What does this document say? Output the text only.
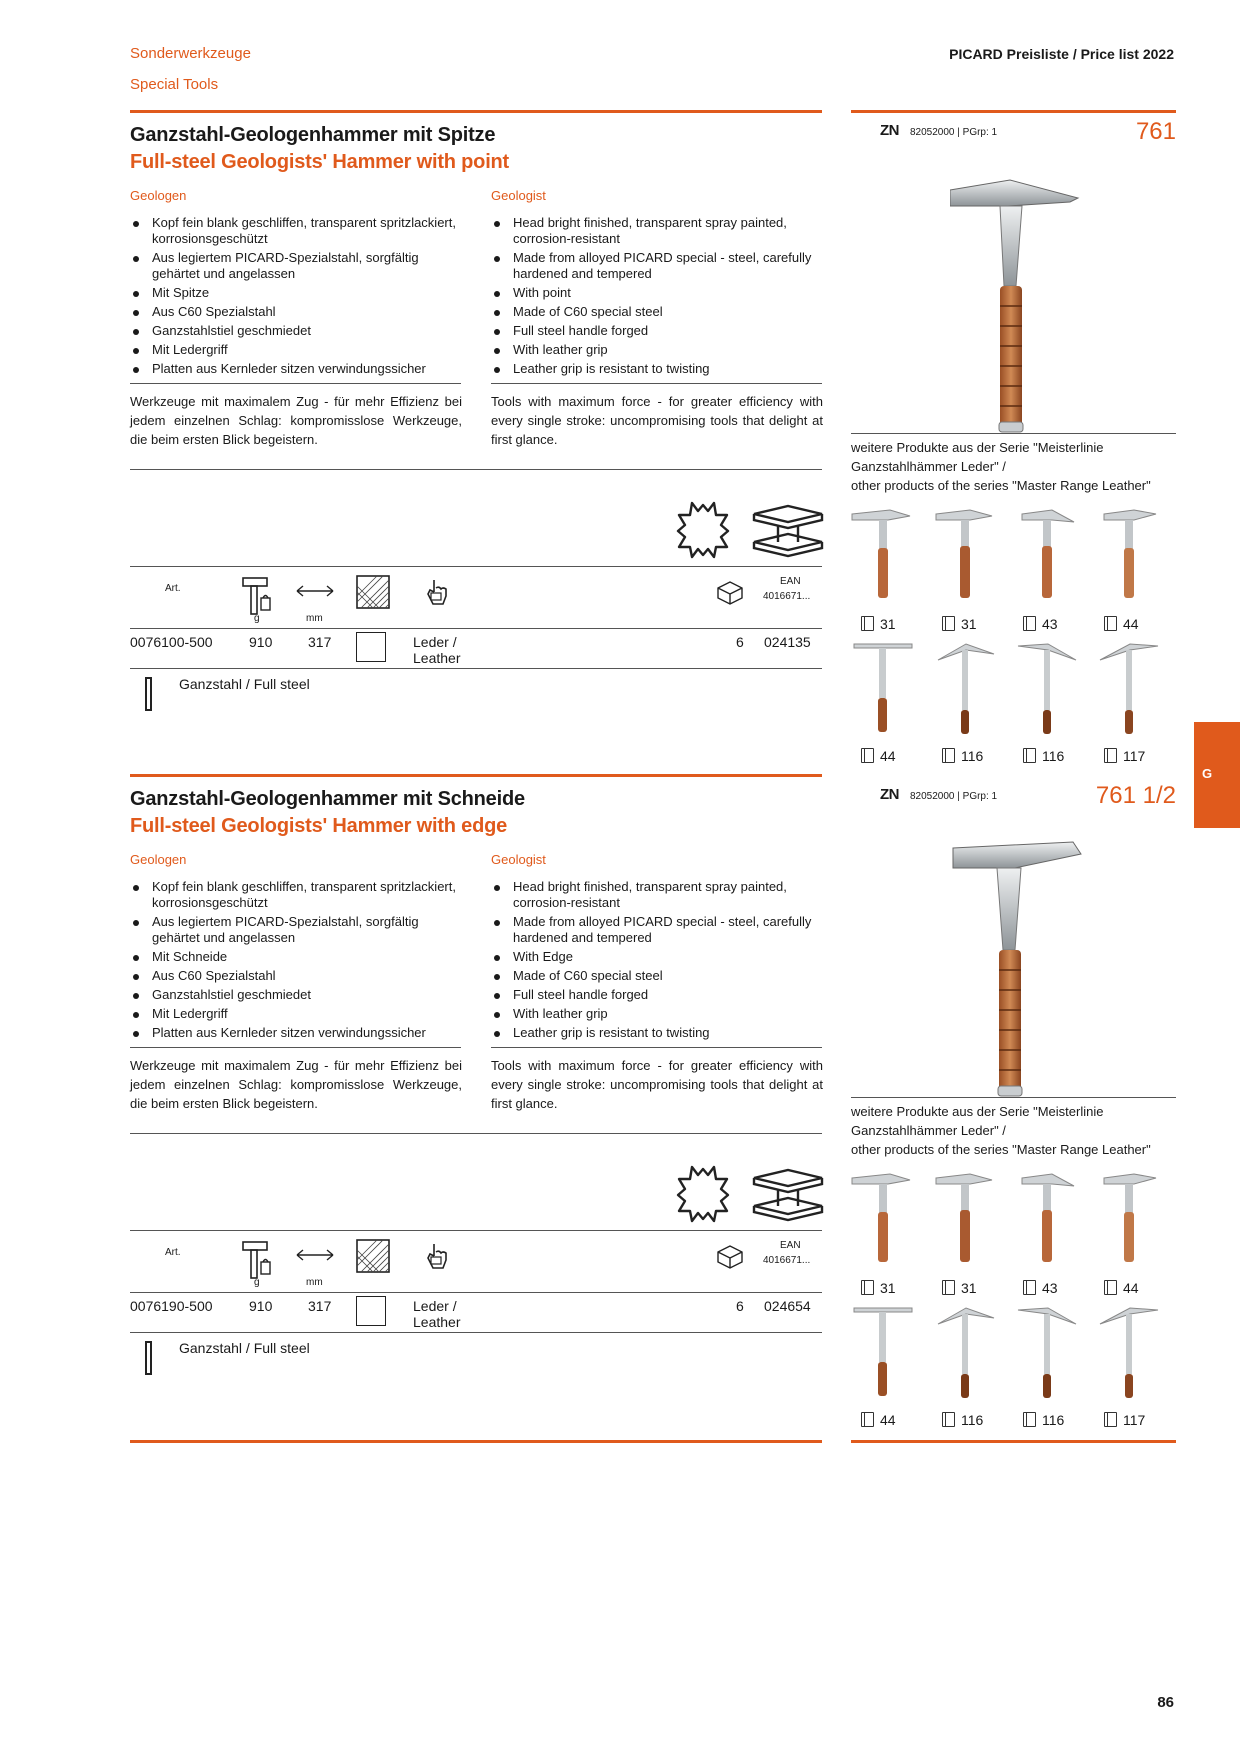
Sonderwerkzeuge
Special Tools
PICARD Preisliste / Price list 2022
G
86
Ganzstahl-Geologenhammer mit Spitze
Full-steel Geologists' Hammer with point
Geologen	Geologist
Kopf fein blank geschliffen, transparent spritzlackiert, korrosionsgeschützt
Aus legiertem PICARD-Spezialstahl, sorgfältig gehärtet und angelassen
Mit Spitze
Aus C60 Spezialstahl
Ganzstahlstiel geschmiedet
Mit Ledergriff
Platten aus Kernleder sitzen verwindungssicher
Head bright finished, transparent spray painted, corrosion-resistant
Made from alloyed PICARD special - steel, carefully hardened and tempered
With point
Made of C60 special steel
Full steel handle forged
With leather grip
Leather grip is resistant to twisting
Werkzeuge mit maximalem Zug - für mehr Effizienz bei jedem einzelnen Schlag: kompromisslose Werkzeuge, die beim ersten Blick begeistern.
Tools with maximum force - for greater efficiency with every single stroke: uncompromising tools that delight at first glance.
Art.
EAN
4016671...
g	mm
0076100-500	910	317	Leder /
Leather
6 024135
Ganzstahl / Full steel
ZN 82052000 | PGrp: 1	761
weitere Produkte aus der Serie "Meisterlinie
Ganzstahlhämmer Leder" /
other products of the series "Master Range Leather"
31	31	43	44
44	116	116	117
Ganzstahl-Geologenhammer mit Schneide
Full-steel Geologists' Hammer with edge
Geologen	Geologist
Kopf fein blank geschliffen, transparent spritzlackiert, korrosionsgeschützt
Aus legiertem PICARD-Spezialstahl, sorgfältig gehärtet und angelassen
Mit Schneide
Aus C60 Spezialstahl
Ganzstahlstiel geschmiedet
Mit Ledergriff
Platten aus Kernleder sitzen verwindungssicher
Head bright finished, transparent spray painted, corrosion-resistant
Made from alloyed PICARD special - steel, carefully hardened and tempered
With Edge
Made of C60 special steel
Full steel handle forged
With leather grip
Leather grip is resistant to twisting
Werkzeuge mit maximalem Zug - für mehr Effizienz bei jedem einzelnen Schlag: kompromisslose Werkzeuge, die beim ersten Blick begeistern.
Tools with maximum force - for greater efficiency with every single stroke: uncompromising tools that delight at first glance.
Art.
EAN
4016671...
g	mm
0076190-500	910	317	Leder /
Leather
6 024654
Ganzstahl / Full steel
ZN 82052000 | PGrp: 1	761 1/2
weitere Produkte aus der Serie "Meisterlinie
Ganzstahlhämmer Leder" /
other products of the series "Master Range Leather"
31	31	43	44
44	116	116	117
